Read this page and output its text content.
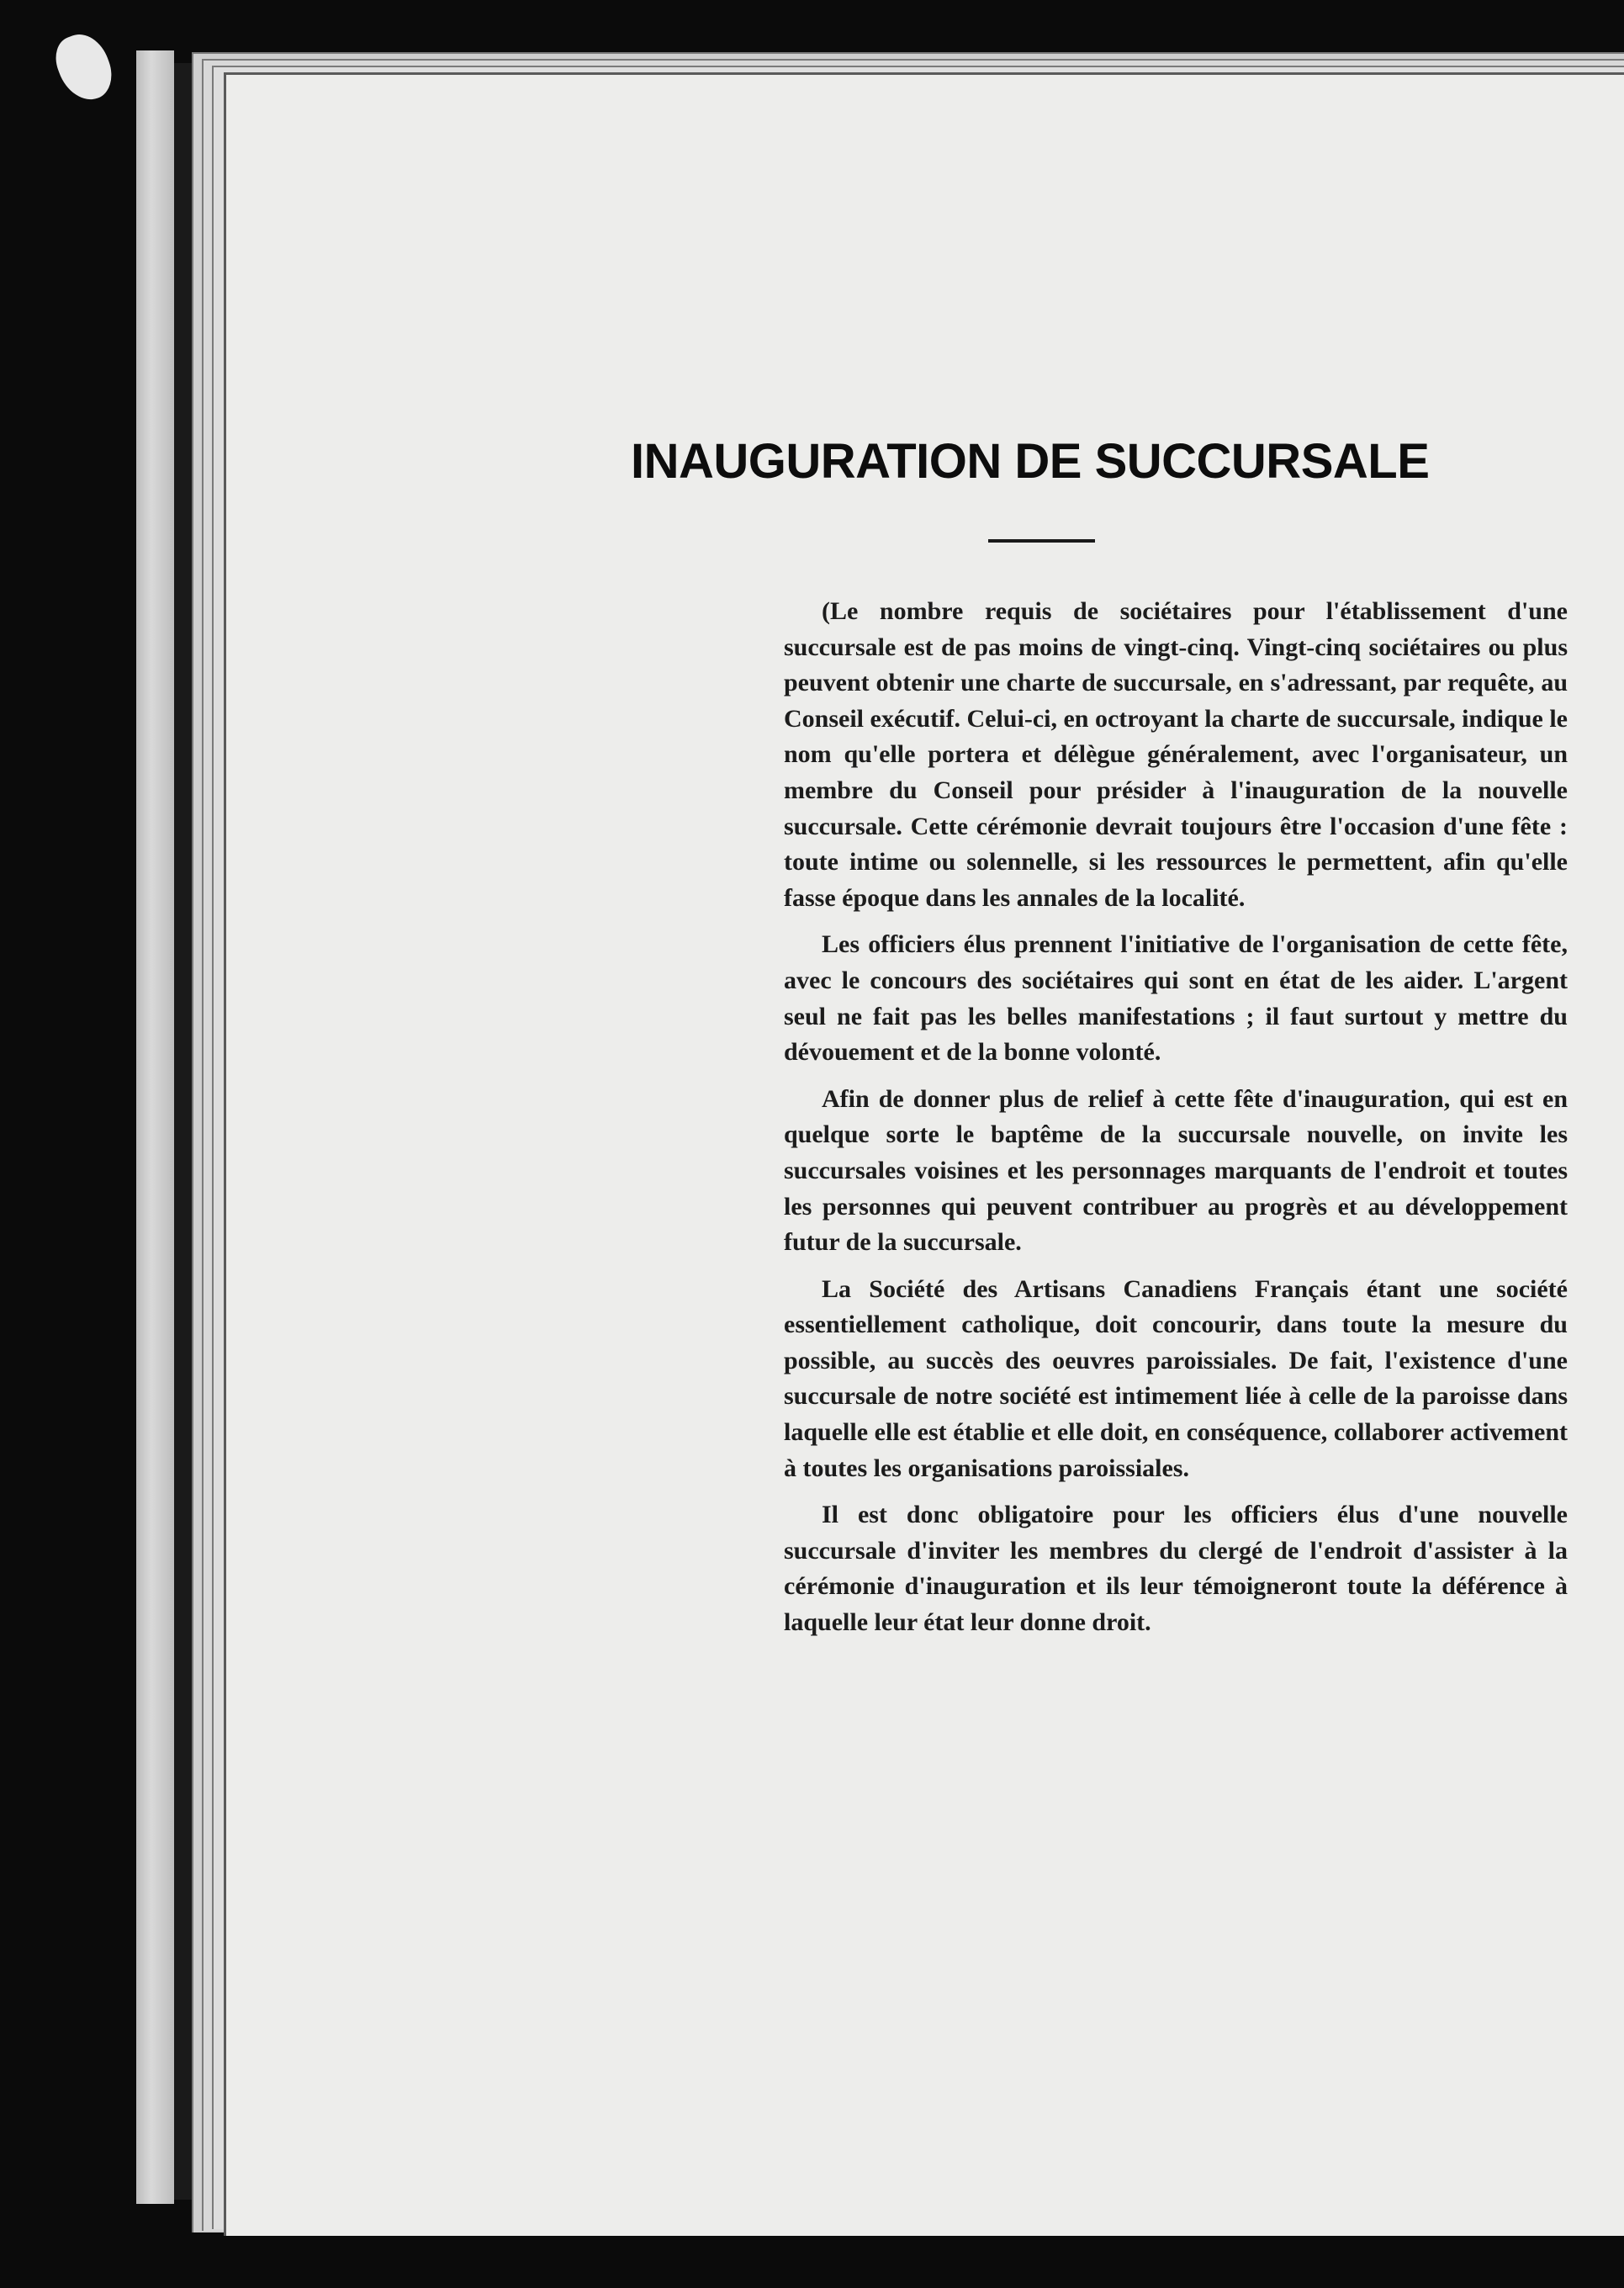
INAUGURATION DE SUCCURSALE

(Le nombre requis de sociétaires pour l'établissement d'une succursale est de pas moins de vingt-cinq. Vingt-cinq sociétaires ou plus peuvent obtenir une charte de succursale, en s'adressant, par requête, au Conseil exécutif. Celui-ci, en octroyant la charte de succursale, indique le nom qu'elle portera et délègue généralement, avec l'organisateur, un membre du Conseil pour présider à l'inauguration de la nouvelle succursale. Cette cérémonie devrait toujours être l'occasion d'une fête : toute intime ou solennelle, si les ressources le permettent, afin qu'elle fasse époque dans les annales de la localité.

Les officiers élus prennent l'initiative de l'organisation de cette fête, avec le concours des sociétaires qui sont en état de les aider. L'argent seul ne fait pas les belles manifestations ; il faut surtout y mettre du dévouement et de la bonne volonté.

Afin de donner plus de relief à cette fête d'inauguration, qui est en quelque sorte le baptême de la succursale nouvelle, on invite les succursales voisines et les personnages marquants de l'endroit et toutes les personnes qui peuvent contribuer au progrès et au développement futur de la succursale.

La Société des Artisans Canadiens Français étant une société essentiellement catholique, doit concourir, dans toute la mesure du possible, au succès des oeuvres paroissiales. De fait, l'existence d'une succursale de notre société est intimement liée à celle de la paroisse dans laquelle elle est établie et elle doit, en conséquence, collaborer activement à toutes les organisations paroissiales.

Il est donc obligatoire pour les officiers élus d'une nouvelle succursale d'inviter les membres du clergé de l'endroit d'assister à la cérémonie d'inauguration et ils leur témoigneront toute la déférence à laquelle leur état leur donne droit.
